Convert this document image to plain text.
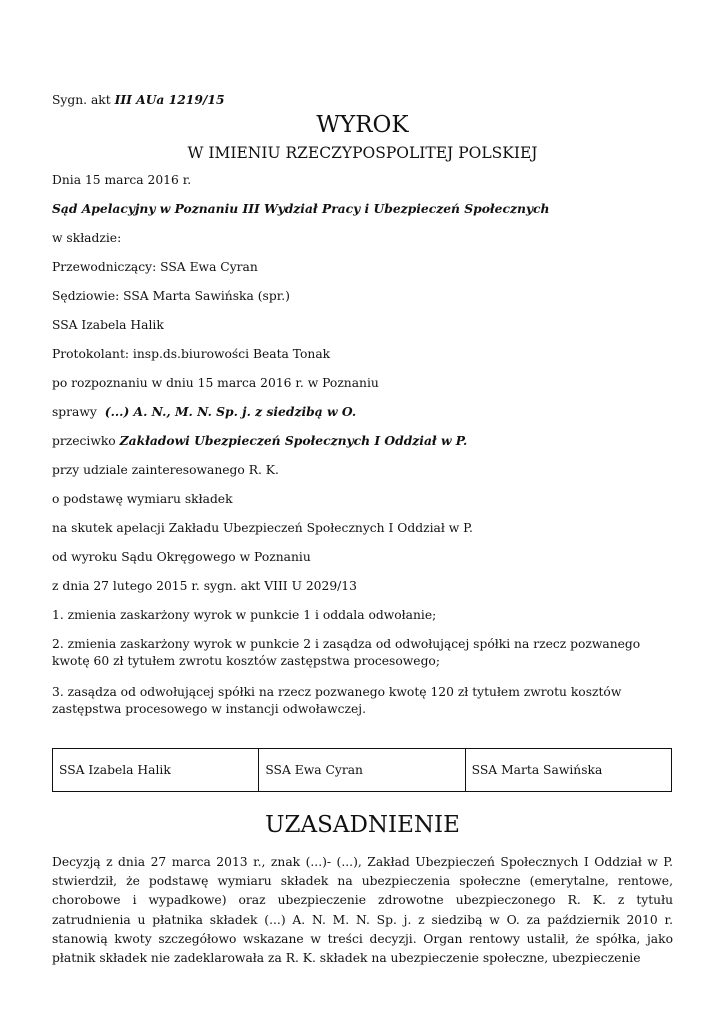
Sygn. akt III AUa 1219/15
WYROK
W IMIENIU RZECZYPOSPOLITEJ POLSKIEJ
Dnia 15 marca 2016 r.
Sąd Apelacyjny w Poznaniu III Wydział Pracy i Ubezpieczeń Społecznych
w składzie:
Przewodniczący: SSA Ewa Cyran
Sędziowie: SSA Marta Sawińska (spr.)
SSA Izabela Halik
Protokolant: insp.ds.biurowości Beata Tonak
po rozpoznaniu w dniu 15 marca 2016 r. w Poznaniu
sprawy (...) A. N., M. N. Sp. j. z siedzibą w O.
przeciwko Zakładowi Ubezpieczeń Społecznych I Oddział w P.
przy udziale zainteresowanego R. K.
o podstawę wymiaru składek
na skutek apelacji Zakładu Ubezpieczeń Społecznych I Oddział w P.
od wyroku Sądu Okręgowego w Poznaniu
z dnia 27 lutego 2015 r. sygn. akt VIII U 2029/13
1. zmienia zaskarżony wyrok w punkcie 1 i oddala odwołanie;
2. zmienia zaskarżony wyrok w punkcie 2 i zasądza od odwołującej spółki na rzecz pozwanego kwotę 60 zł tytułem zwrotu kosztów zastępstwa procesowego;
3. zasądza od odwołującej spółki na rzecz pozwanego kwotę 120 zł tytułem zwrotu kosztów zastępstwa procesowego w instancji odwoławczej.
SSA Izabela Halik	SSA Ewa Cyran	SSA Marta Sawińska
UZASADNIENIE
Decyzją z dnia 27 marca 2013 r., znak (...)- (...), Zakład Ubezpieczeń Społecznych I Oddział w P. stwierdził, że podstawę wymiaru składek na ubezpieczenia społeczne (emerytalne, rentowe, chorobowe i wypadkowe) oraz ubezpieczenie zdrowotne ubezpieczonego R. K. z tytułu zatrudnienia u płatnika składek (...) A. N. M. N. Sp. j. z siedzibą w O. za październik 2010 r. stanowią kwoty szczegółowo wskazane w treści decyzji. Organ rentowy ustalił, że spółka, jako płatnik składek nie zadeklarowała za R. K. składek na ubezpieczenie społeczne, ubezpieczenie
